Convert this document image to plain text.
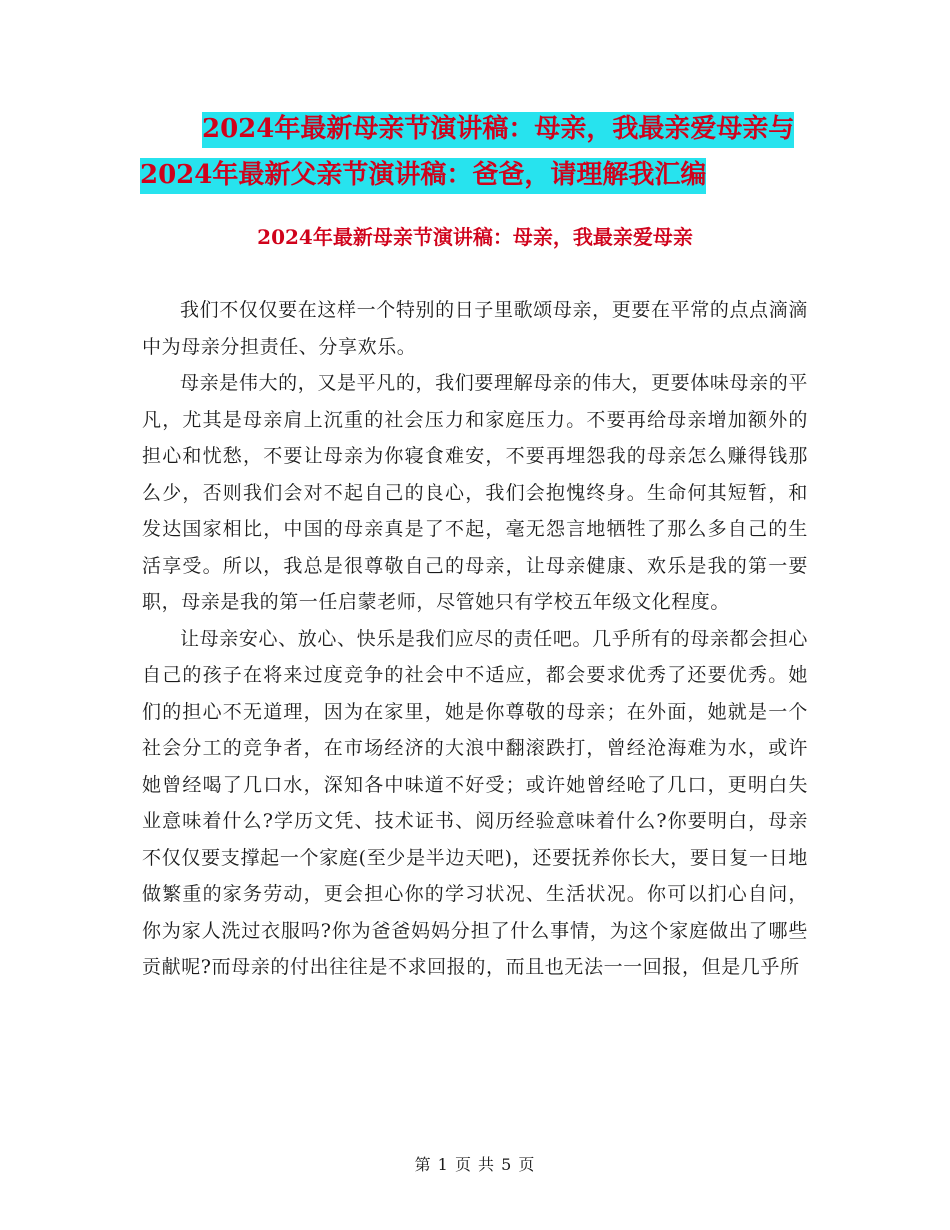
2024年最新母亲节演讲稿：母亲，我最亲爱母亲与
2024年最新父亲节演讲稿：爸爸，请理解我汇编
2024年最新母亲节演讲稿：母亲，我最亲爱母亲

我们不仅仅要在这样一个特别的日子里歌颂母亲，更要在平常的点点滴滴中为母亲分担责任、分享欢乐。

母亲是伟大的，又是平凡的，我们要理解母亲的伟大，更要体味母亲的平凡，尤其是母亲肩上沉重的社会压力和家庭压力。不要再给母亲增加额外的担心和忧愁，不要让母亲为你寝食难安，不要再埋怨我的母亲怎么赚得钱那么少，否则我们会对不起自己的良心，我们会抱愧终身。生命何其短暂，和发达国家相比，中国的母亲真是了不起，毫无怨言地牺牲了那么多自己的生活享受。所以，我总是很尊敬自己的母亲，让母亲健康、欢乐是我的第一要职，母亲是我的第一任启蒙老师，尽管她只有学校五年级文化程度。

让母亲安心、放心、快乐是我们应尽的责任吧。几乎所有的母亲都会担心自己的孩子在将来过度竞争的社会中不适应，都会要求优秀了还要优秀。她们的担心不无道理，因为在家里，她是你尊敬的母亲；在外面，她就是一个社会分工的竞争者，在市场经济的大浪中翻滚跌打，曾经沧海难为水，或许她曾经喝了几口水，深知各中味道不好受；或许她曾经呛了几口，更明白失业意味着什么?学历文凭、技术证书、阅历经验意味着什么?你要明白，母亲不仅仅要支撑起一个家庭(至少是半边天吧)，还要抚养你长大，要日复一日地做繁重的家务劳动，更会担心你的学习状况、生活状况。你可以扪心自问，你为家人洗过衣服吗?你为爸爸妈妈分担了什么事情，为这个家庭做出了哪些贡献呢?而母亲的付出往往是不求回报的，而且也无法一一回报，但是几乎所

第 1 页 共 5 页
